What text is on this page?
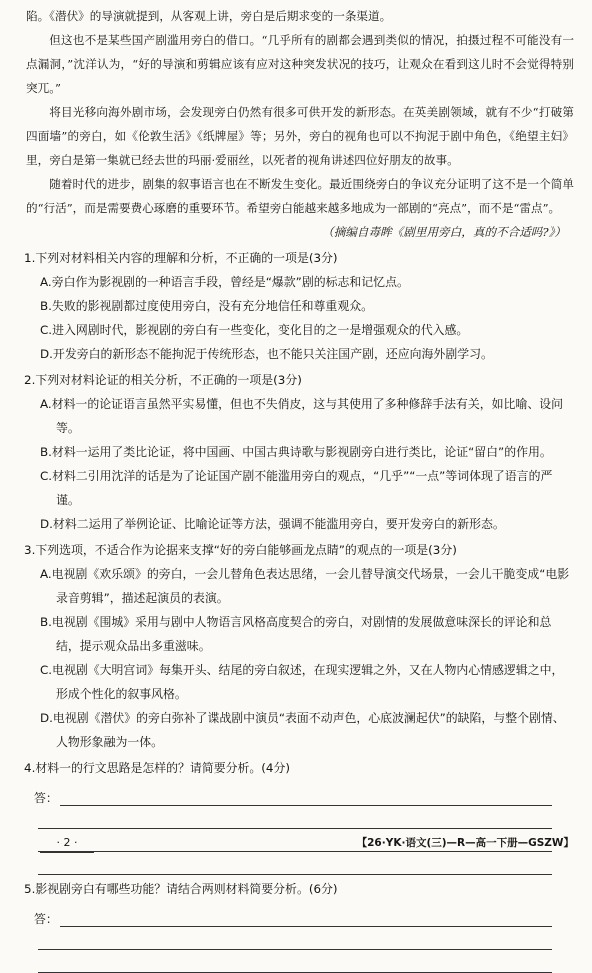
陷。《潜伏》的导演就提到，从客观上讲，旁白是后期求变的一条渠道。

但这也不是某些国产剧滥用旁白的借口。“几乎所有的剧都会遇到类似的情况，拍摄过程不可能没有一点漏洞，”沈洋认为，“好的导演和剪辑应该有应对这种突发状况的技巧，让观众在看到这儿时不会觉得特别突兀。”

将目光移向海外剧市场，会发现旁白仍然有很多可供开发的新形态。在英美剧领域，就有不少“打破第四面墙”的旁白，如《伦敦生活》《纸牌屋》等；另外，旁白的视角也可以不拘泥于剧中角色，《绝望主妇》里，旁白是第一集就已经去世的玛丽·爱丽丝，以死者的视角讲述四位好朋友的故事。

随着时代的进步，剧集的叙事语言也在不断发生变化。最近围绕旁白的争议充分证明了这不是一个简单的“行活”，而是需要费心琢磨的重要环节。希望旁白能越来越多地成为一部剧的“亮点”，而不是“雷点”。

（摘编自毒眸《剧里用旁白，真的不合适吗?》）

1.下列对材料相关内容的理解和分析，不正确的一项是(3分)

A.旁白作为影视剧的一种语言手段，曾经是“爆款”剧的标志和记忆点。

B.失败的影视剧都过度使用旁白，没有充分地信任和尊重观众。

C.进入网剧时代，影视剧的旁白有一些变化，变化目的之一是增强观众的代入感。

D.开发旁白的新形态不能拘泥于传统形态，也不能只关注国产剧，还应向海外剧学习。

2.下列对材料论证的相关分析，不正确的一项是(3分)

A.材料一的论证语言虽然平实易懂，但也不失俏皮，这与其使用了多种修辞手法有关，如比喻、设问等。

B.材料一运用了类比论证，将中国画、中国古典诗歌与影视剧旁白进行类比，论证“留白”的作用。

C.材料二引用沈洋的话是为了论证国产剧不能滥用旁白的观点，“几乎”“一点”等词体现了语言的严谨。

D.材料二运用了举例论证、比喻论证等方法，强调不能滥用旁白，要开发旁白的新形态。

3.下列选项，不适合作为论据来支撑“好的旁白能够画龙点睛”的观点的一项是(3分)

A.电视剧《欢乐颂》的旁白，一会儿替角色表达思绪，一会儿替导演交代场景，一会儿干脆变成“电影录音剪辑”，描述起演员的表演。

B.电视剧《围城》采用与剧中人物语言风格高度契合的旁白，对剧情的发展做意味深长的评论和总结，提示观众品出多重滋味。

C.电视剧《大明宫词》每集开头、结尾的旁白叙述，在现实逻辑之外，又在人物内心情感逻辑之中，形成个性化的叙事风格。

D.电视剧《潜伏》的旁白弥补了谍战剧中演员“表面不动声色，心底波澜起伏”的缺陷，与整个剧情、人物形象融为一体。

4.材料一的行文思路是怎样的？请简要分析。(4分)

答：

5.影视剧旁白有哪些功能？请结合两则材料简要分析。(6分)

答：
· 2 ·	【26·YK·语文(三)—R—高一下册—GSZW】
